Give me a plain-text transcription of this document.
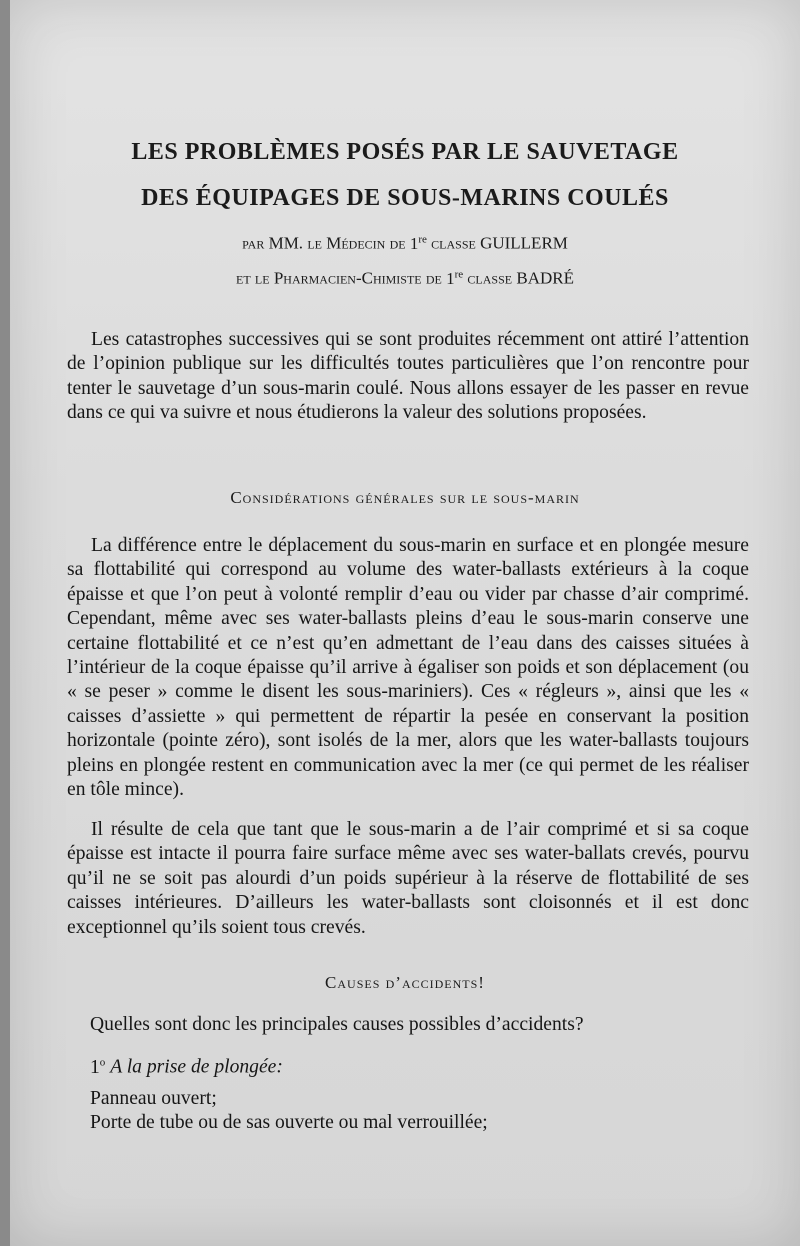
LES PROBLÈMES POSÉS PAR LE SAUVETAGE
DES ÉQUIPAGES DE SOUS-MARINS COULÉS
par MM. le Médecin de 1re classe GUILLERM
et le Pharmacien-Chimiste de 1re classe BADRÉ

Les catastrophes successives qui se sont produites récemment ont attiré l’attention de l’opinion publique sur les difficultés toutes particulières que l’on rencontre pour tenter le sauvetage d’un sous-marin coulé. Nous allons essayer de les passer en revue dans ce qui va suivre et nous étudierons la valeur des solutions proposées.

Considérations générales sur le sous-marin

La différence entre le déplacement du sous-marin en surface et en plongée mesure sa flottabilité qui correspond au volume des water-ballasts extérieurs à la coque épaisse et que l’on peut à volonté remplir d’eau ou vider par chasse d’air comprimé. Cependant, même avec ses water-ballasts pleins d’eau le sous-marin conserve une certaine flottabilité et ce n’est qu’en admettant de l’eau dans des caisses situées à l’intérieur de la coque épaisse qu’il arrive à égaliser son poids et son déplacement (ou « se peser » comme le disent les sous-mariniers). Ces « régleurs », ainsi que les « caisses d’assiette » qui permettent de répartir la pesée en conservant la position horizontale (pointe zéro), sont isolés de la mer, alors que les water-ballasts toujours pleins en plongée restent en communication avec la mer (ce qui permet de les réaliser en tôle mince).

Il résulte de cela que tant que le sous-marin a de l’air comprimé et si sa coque épaisse est intacte il pourra faire surface même avec ses water-ballats crevés, pourvu qu’il ne se soit pas alourdi d’un poids supérieur à la réserve de flottabilité de ses caisses intérieures. D’ailleurs les water-ballasts sont cloisonnés et il est donc exceptionnel qu’ils soient tous crevés.

Causes d’accidents!
Quelles sont donc les principales causes possibles d’accidents?
1$^o$ A la prise de plongée:
Panneau ouvert;
Porte de tube ou de sas ouverte ou mal verrouillée;
